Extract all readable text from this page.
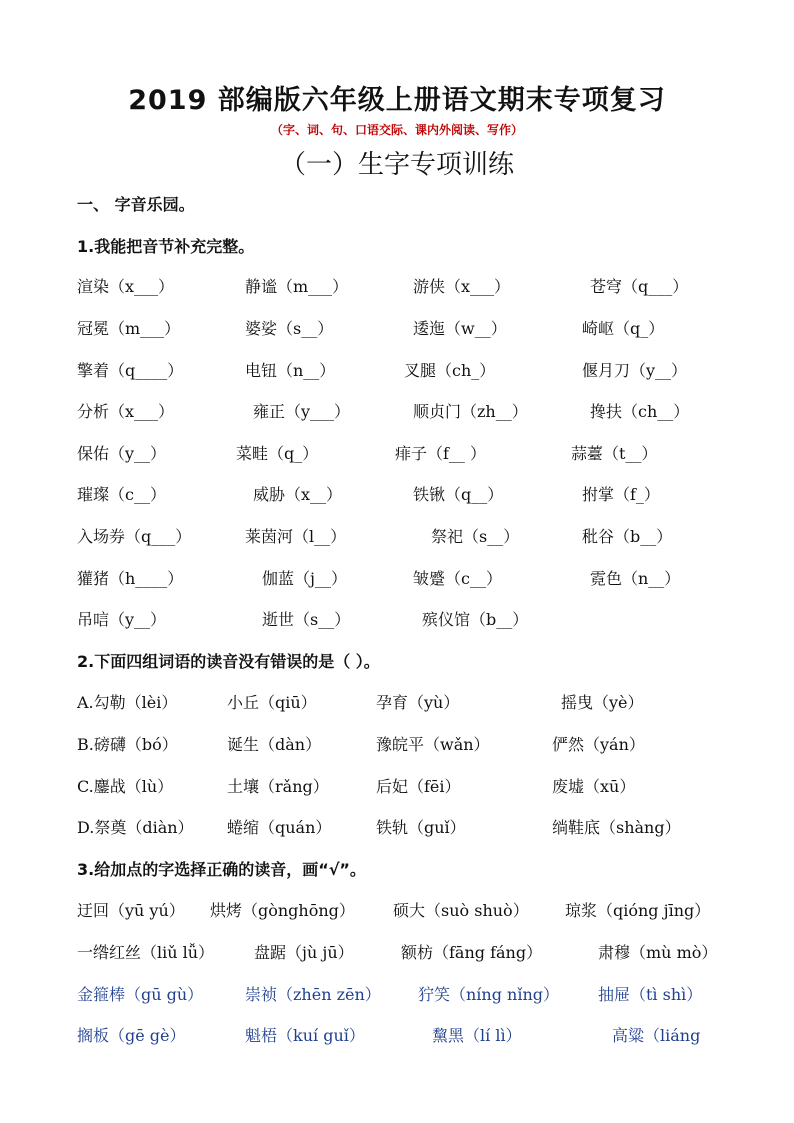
2019 部编版六年级上册语文期末专项复习
（字、词、句、口语交际、课内外阅读、写作）
（一）生字专项训练
一、 字音乐园。
1.我能把音节补充完整。
渲染（x___）	静谧（m___）	游侠（x___）	苍穹（q___）
冠冕（m___）	婆娑（s__）	逶迤（w__）	崎岖（q_）
擎着（q____）	电钮（n__）	叉腿（ch_）	偃月刀（y__）
分析（x___）	雍正（y___）	顺贞门（zh__）	搀扶（ch__）
保佑（y__）	菜畦（q_）	痱子（f__ ）	蒜薹（t__）
璀璨（c__）	威胁（x__）	铁锹（q__）	拊掌（f_）
入场券（q___）	莱茵河（l__）	祭祀（s__）	秕谷（b__）
獾猪（h____）	伽蓝（j__）	皱蹙（c__）	霓色（n__）
吊唁（y__）	逝世（s__）	殡仪馆（b__）
2.下面四组词语的读音没有错误的是（ ）。
A.勾勒（lèi）	小丘（qiū）	孕育（yù）	摇曳（yè）
B.磅礴（bó）	诞生（dàn）	豫皖平（wǎn）	俨然（yán）
C.鏖战（lù）	土壤（rǎng）	后妃（fēi）	废墟（xū）
D.祭奠（diàn） 蜷缩（quán）	铁轨（guǐ）	绱鞋底（shàng）
3.给加点的字选择正确的读音，画“√”。
迂回（yū yú） 烘烤（gònghōng） 硕大（suò shuò） 琼浆（qióng jīng）
一绺红丝（liǔ lǚ） 盘踞（jù jū）	额枋（fāng fáng）	肃穆（mù mò）
金箍棒（gū gù）	崇祯（zhēn zēn） 狞笑（níng nǐng） 抽屉（tì shì）
搁板（gē gè）	魁梧（kuí guǐ）	黧黑（lí lì）	高粱（liáng
